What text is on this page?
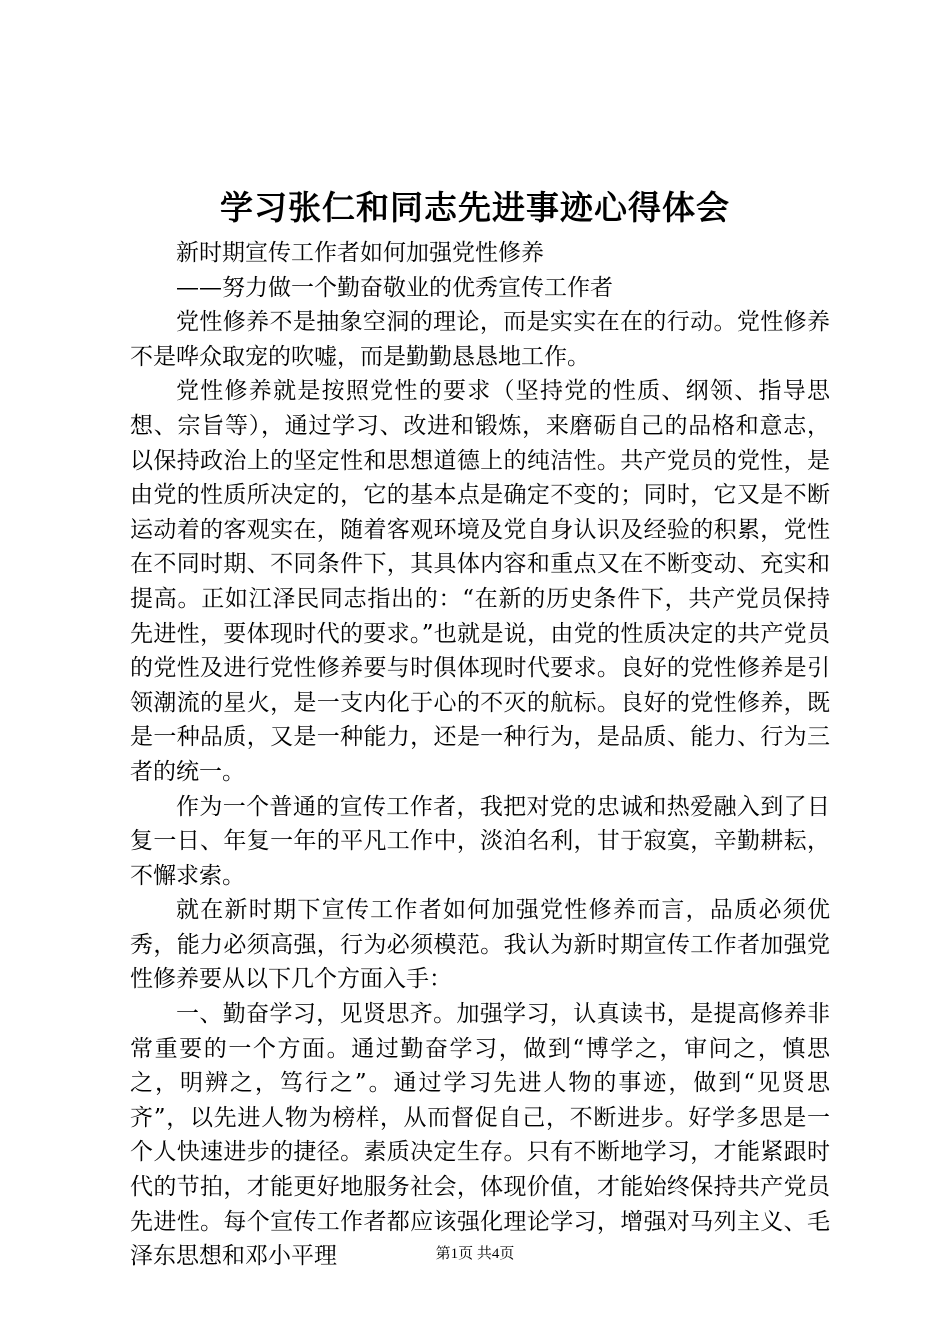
学习张仁和同志先进事迹心得体会

新时期宣传工作者如何加强党性修养

——努力做一个勤奋敬业的优秀宣传工作者

党性修养不是抽象空洞的理论，而是实实在在的行动。党性修养不是哗众取宠的吹嘘，而是勤勤恳恳地工作。

党性修养就是按照党性的要求（坚持党的性质、纲领、指导思想、宗旨等），通过学习、改进和锻炼，来磨砺自己的品格和意志，以保持政治上的坚定性和思想道德上的纯洁性。共产党员的党性，是由党的性质所决定的，它的基本点是确定不变的；同时，它又是不断运动着的客观实在，随着客观环境及党自身认识及经验的积累，党性在不同时期、不同条件下，其具体内容和重点又在不断变动、充实和提高。正如江泽民同志指出的：“在新的历史条件下，共产党员保持先进性，要体现时代的要求。”也就是说，由党的性质决定的共产党员的党性及进行党性修养要与时俱体现时代要求。良好的党性修养是引领潮流的星火，是一支内化于心的不灭的航标。良好的党性修养，既是一种品质，又是一种能力，还是一种行为，是品质、能力、行为三者的统一。

作为一个普通的宣传工作者，我把对党的忠诚和热爱融入到了日复一日、年复一年的平凡工作中，淡泊名利，甘于寂寞，辛勤耕耘，不懈求索。

就在新时期下宣传工作者如何加强党性修养而言，品质必须优秀，能力必须高强，行为必须模范。我认为新时期宣传工作者加强党性修养要从以下几个方面入手：

一、勤奋学习，见贤思齐。加强学习，认真读书，是提高修养非常重要的一个方面。通过勤奋学习，做到“博学之，审问之，慎思之，明辨之，笃行之”。通过学习先进人物的事迹，做到“见贤思齐”，以先进人物为榜样，从而督促自己，不断进步。好学多思是一个人快速进步的捷径。素质决定生存。只有不断地学习，才能紧跟时代的节拍，才能更好地服务社会，体现价值，才能始终保持共产党员先进性。每个宣传工作者都应该强化理论学习，增强对马列主义、毛泽东思想和邓小平理	第1页 共4页
